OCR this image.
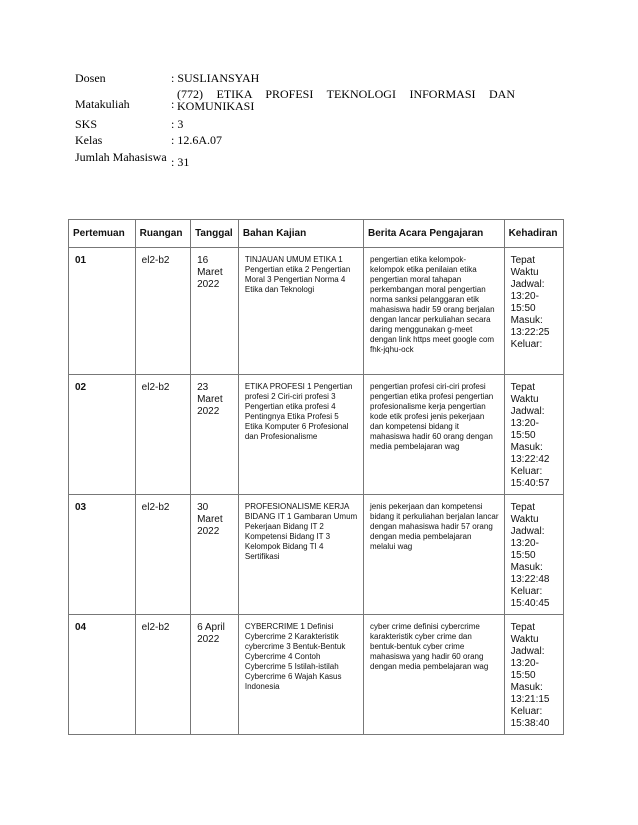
Dosen	: SUSLIANSYAH
Matakuliah	:
(772) ETIKA PROFESI TEKNOLOGI INFORMASI DAN KOMUNIKASI
SKS	: 3
Kelas	: 12.6A.07
Jumlah Mahasiswa : 31
Pertemuan	Ruangan	Tanggal	Bahan Kajian	Berita Acara Pengajaran	Kehadiran
01	el2-b2	16 Maret 2022	TINJAUAN UMUM ETIKA 1 Pengertian etika 2 Pengertian Moral 3 Pengertian Norma 4 Etika dan Teknologi	pengertian etika kelompok-kelompok etika penilaian etika pengertian moral tahapan perkembangan moral pengertian norma sanksi pelanggaran etik mahasiswa hadir 59 orang berjalan dengan lancar perkuliahan secara daring menggunakan g-meet dengan link https meet google com fhk-jqhu-ock	Tepat Waktu Jadwal: 13:20-15:50 Masuk: 13:22:25 Keluar:
02	el2-b2	23 Maret 2022	ETIKA PROFESI 1 Pengertian profesi 2 Ciri-ciri profesi 3 Pengertian etika profesi 4 Pentingnya Etika Profesi 5 Etika Komputer 6 Profesional dan Profesionalisme	pengertian profesi ciri-ciri profesi pengertian etika profesi pengertian profesionalisme kerja pengertian kode etik profesi jenis pekerjaan dan kompetensi bidang it mahasiswa hadir 60 orang dengan media pembelajaran wag	Tepat Waktu Jadwal: 13:20-15:50 Masuk: 13:22:42 Keluar: 15:40:57
03	el2-b2	30 Maret 2022	PROFESIONALISME KERJA BIDANG IT 1 Gambaran Umum Pekerjaan Bidang IT 2 Kompetensi Bidang IT 3 Kelompok Bidang TI 4 Sertifikasi	jenis pekerjaan dan kompetensi bidang it perkuliahan berjalan lancar dengan mahasiswa hadir 57 orang dengan media pembelajaran melalui wag	Tepat Waktu Jadwal: 13:20-15:50 Masuk: 13:22:48 Keluar: 15:40:45
04	el2-b2	6 April 2022	CYBERCRIME 1 Definisi Cybercrime 2 Karakteristik cybercrime 3 Bentuk-Bentuk Cybercrime 4 Contoh Cybercrime 5 Istilah-istilah Cybercrime 6 Wajah Kasus Indonesia	cyber crime definisi cybercrime karakteristik cyber crime dan bentuk-bentuk cyber crime mahasiswa yang hadir 60 orang dengan media pembelajaran wag	Tepat Waktu Jadwal: 13:20-15:50 Masuk: 13:21:15 Keluar: 15:38:40
